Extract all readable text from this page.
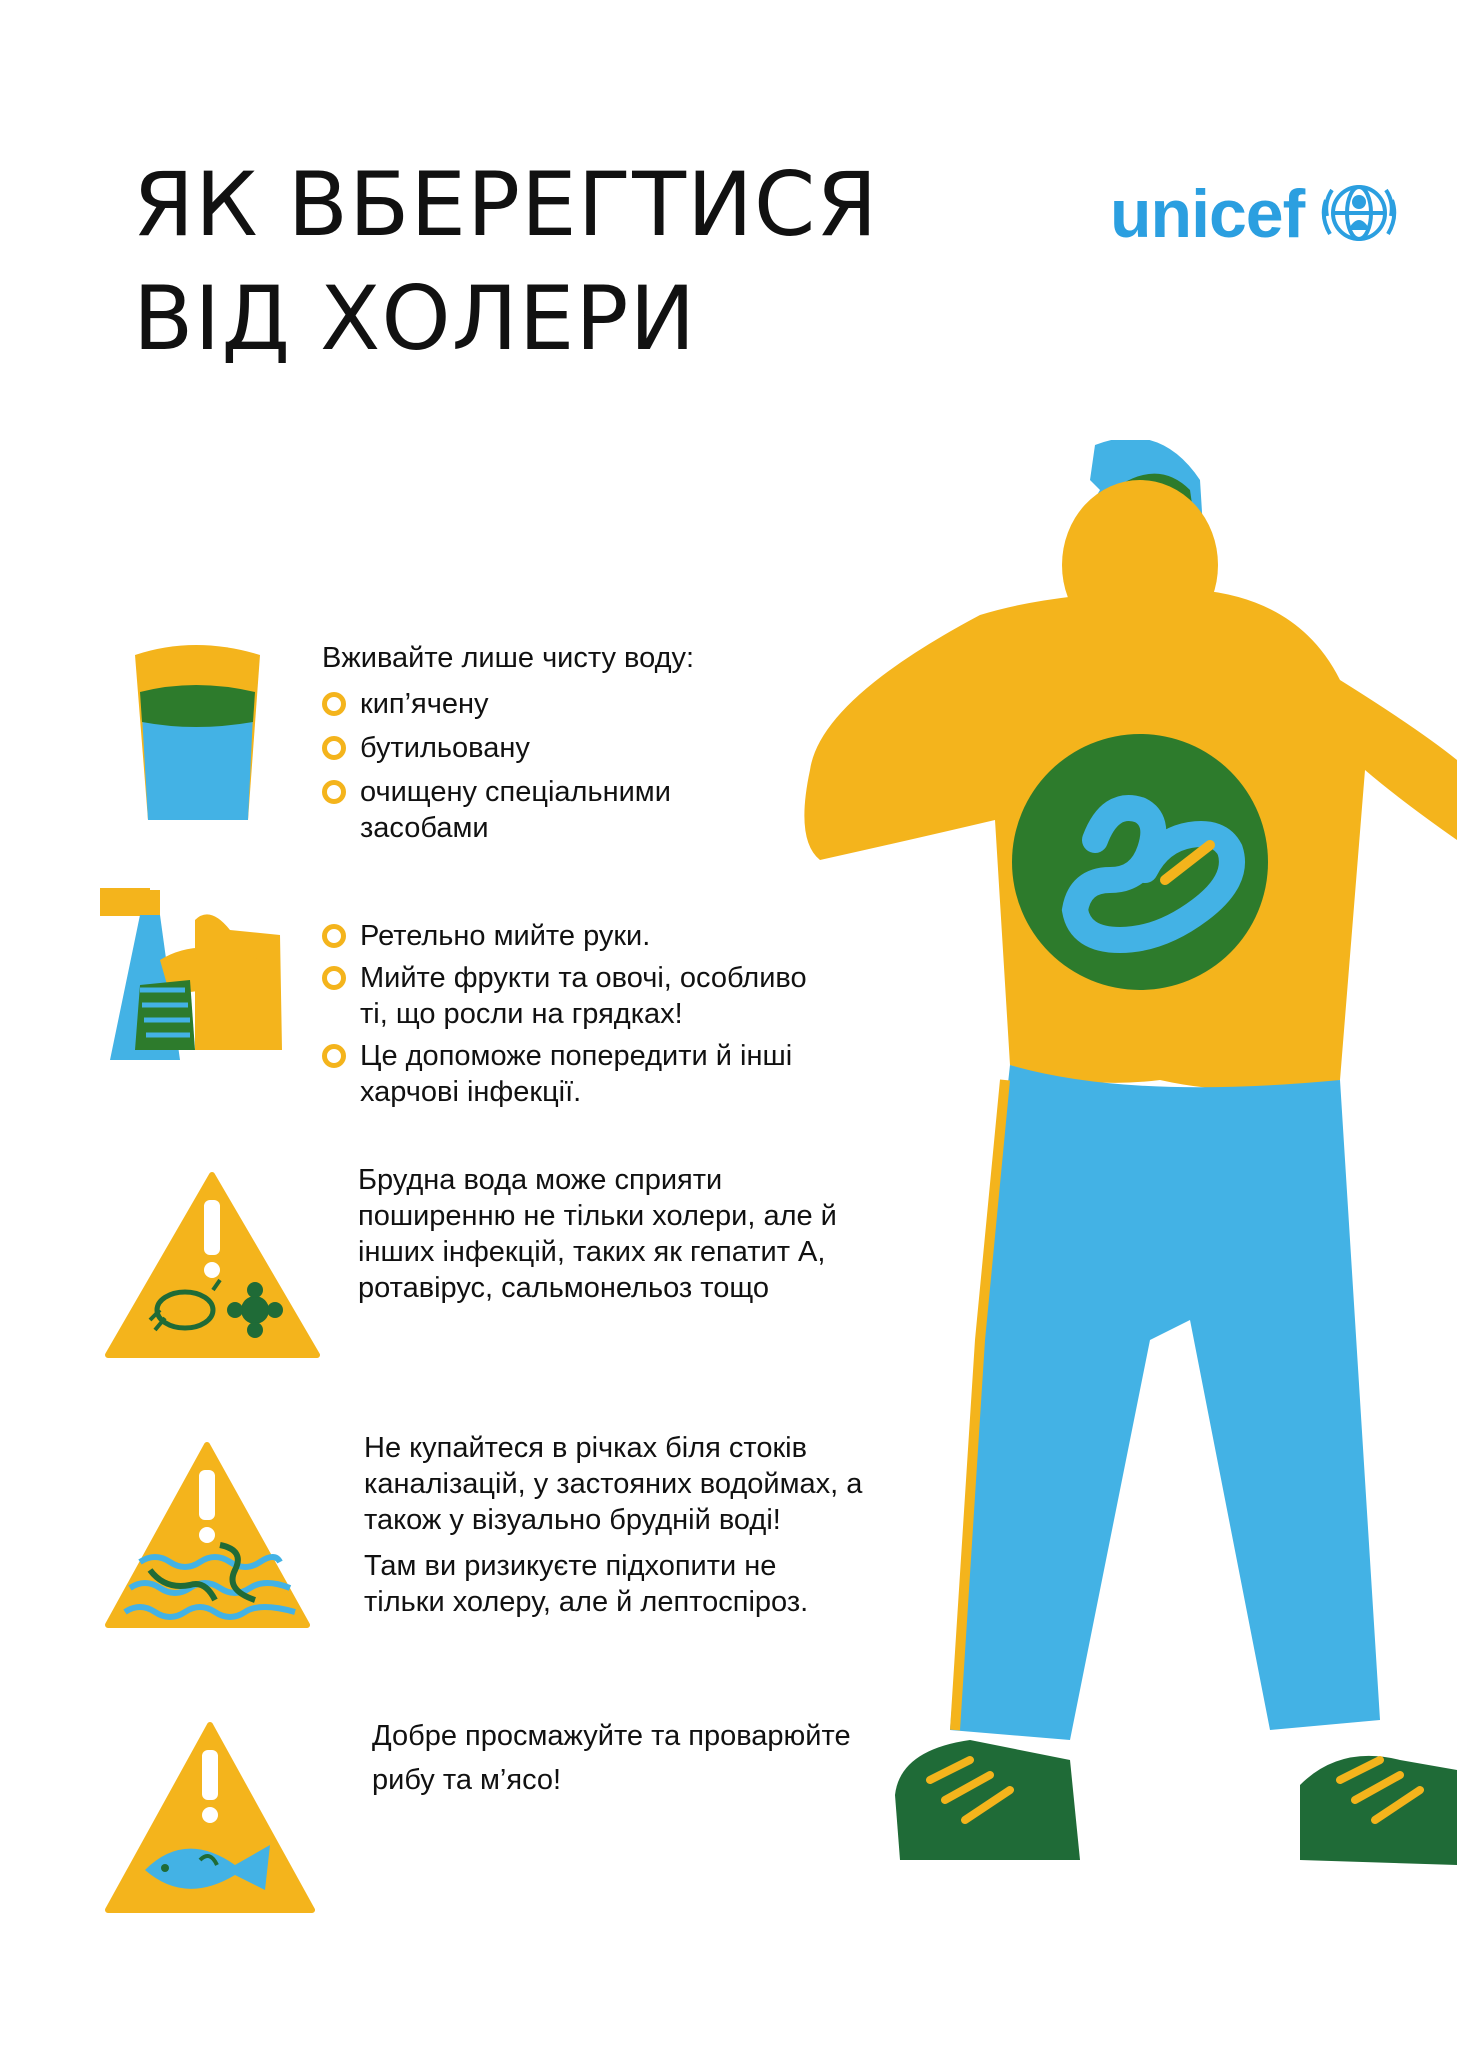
ЯК ВБЕРЕГТИСЯ
ВІД ХОЛЕРИ
unicef
Вживайте лише чисту воду:
кип’ячену
бутильовану
очищену спеціальними засобами
Ретельно мийте руки.
Мийте фрукти та овочі, особливо ті, що росли на грядках!
Це допоможе попередити й інші харчові інфекції.
Брудна вода може сприяти поширенню не тільки холери, але й інших інфекцій, таких як гепатит А, ротавірус, сальмонельоз тощо
Не купайтеся в річках біля стоків каналізацій, у застояних водоймах, а також у візуально брудній воді!
Там ви ризикуєте підхопити не тільки холеру, але й лептоспіроз.
Добре просмажуйте та проварюйте рибу та м’ясо!
